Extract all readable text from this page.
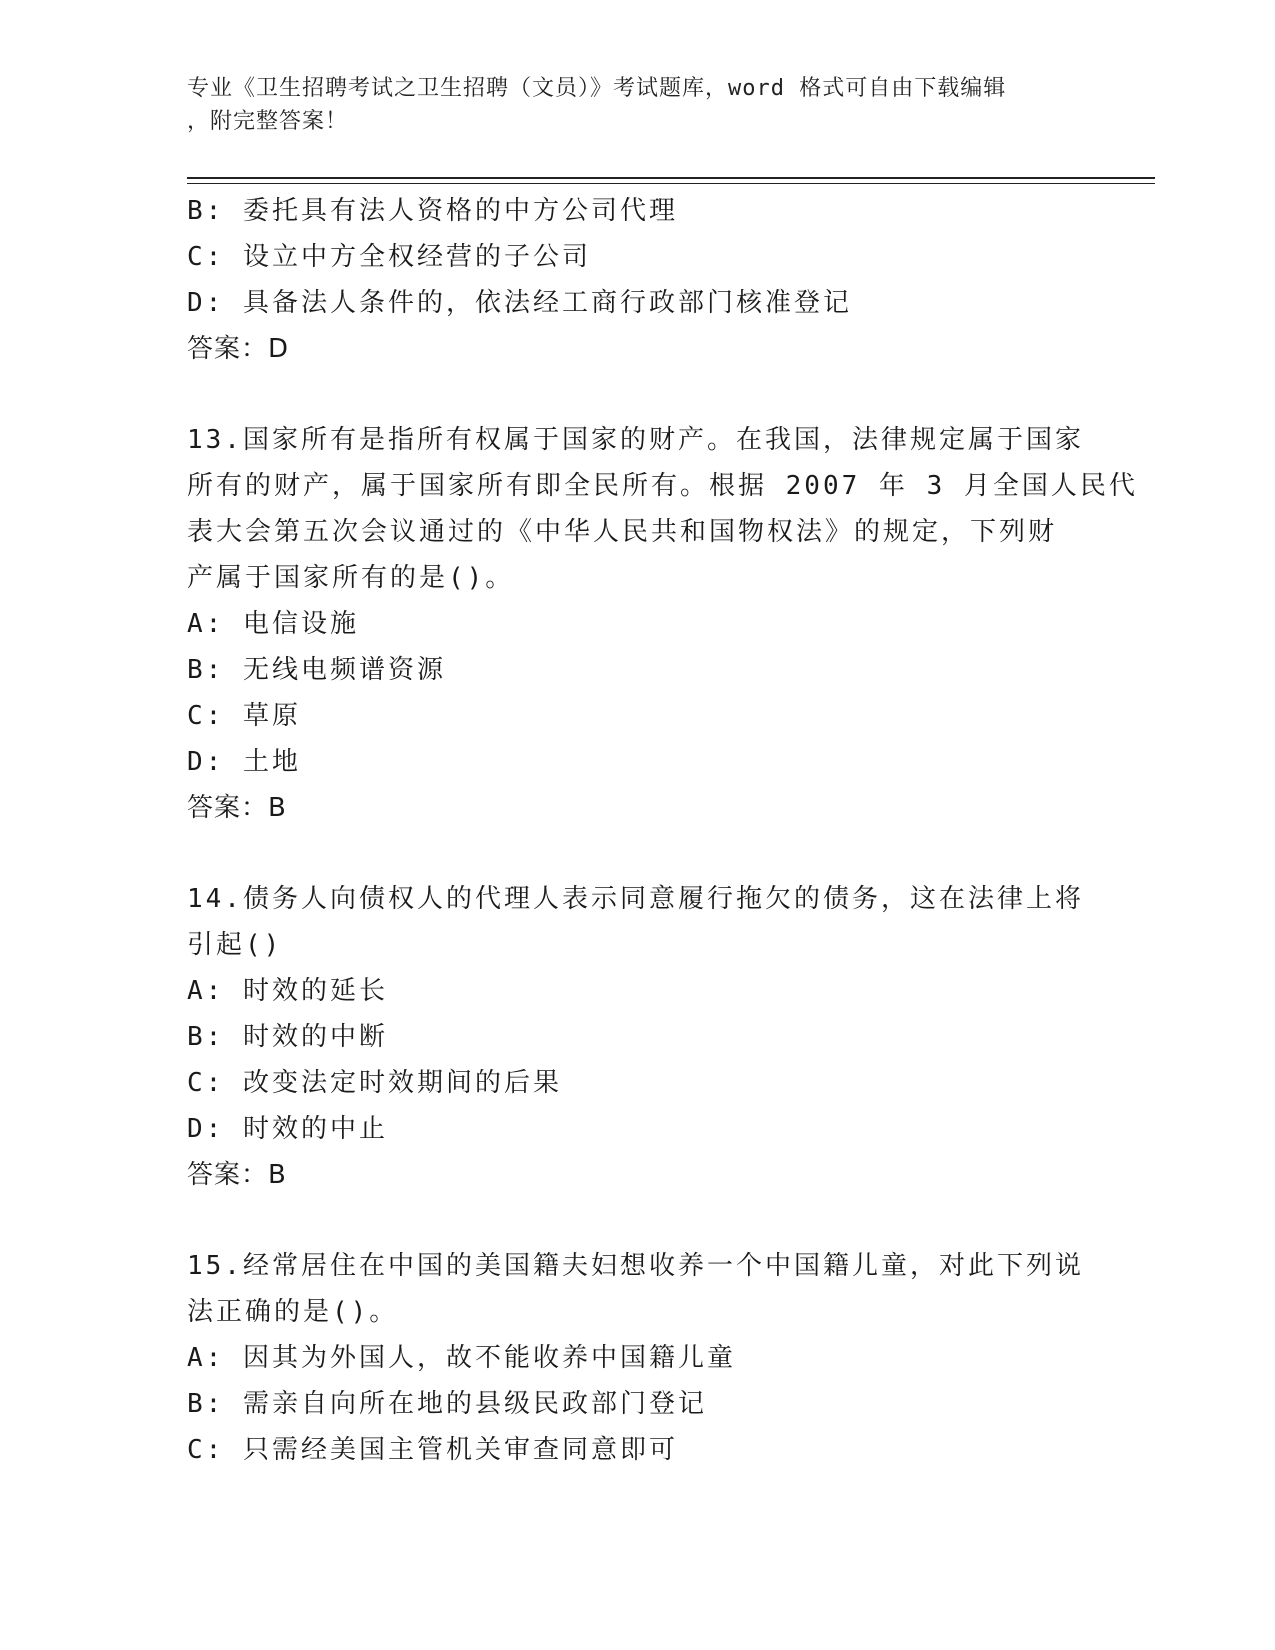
专业《卫生招聘考试之卫生招聘（文员）》考试题库，word 格式可自由下载编辑
，附完整答案！
B: 委托具有法人资格的中方公司代理
C: 设立中方全权经营的子公司
D: 具备法人条件的，依法经工商行政部门核准登记
答案：D
13.国家所有是指所有权属于国家的财产。在我国，法律规定属于国家
所有的财产，属于国家所有即全民所有。根据 2007 年 3 月全国人民代
表大会第五次会议通过的《中华人民共和国物权法》的规定，下列财
产属于国家所有的是()。
A: 电信设施
B: 无线电频谱资源
C: 草原
D: 土地
答案：B
14.债务人向债权人的代理人表示同意履行拖欠的债务，这在法律上将
引起()
A: 时效的延长
B: 时效的中断
C: 改变法定时效期间的后果
D: 时效的中止
答案：B
15.经常居住在中国的美国籍夫妇想收养一个中国籍儿童，对此下列说
法正确的是()。
A: 因其为外国人，故不能收养中国籍儿童
B: 需亲自向所在地的县级民政部门登记
C: 只需经美国主管机关审查同意即可
